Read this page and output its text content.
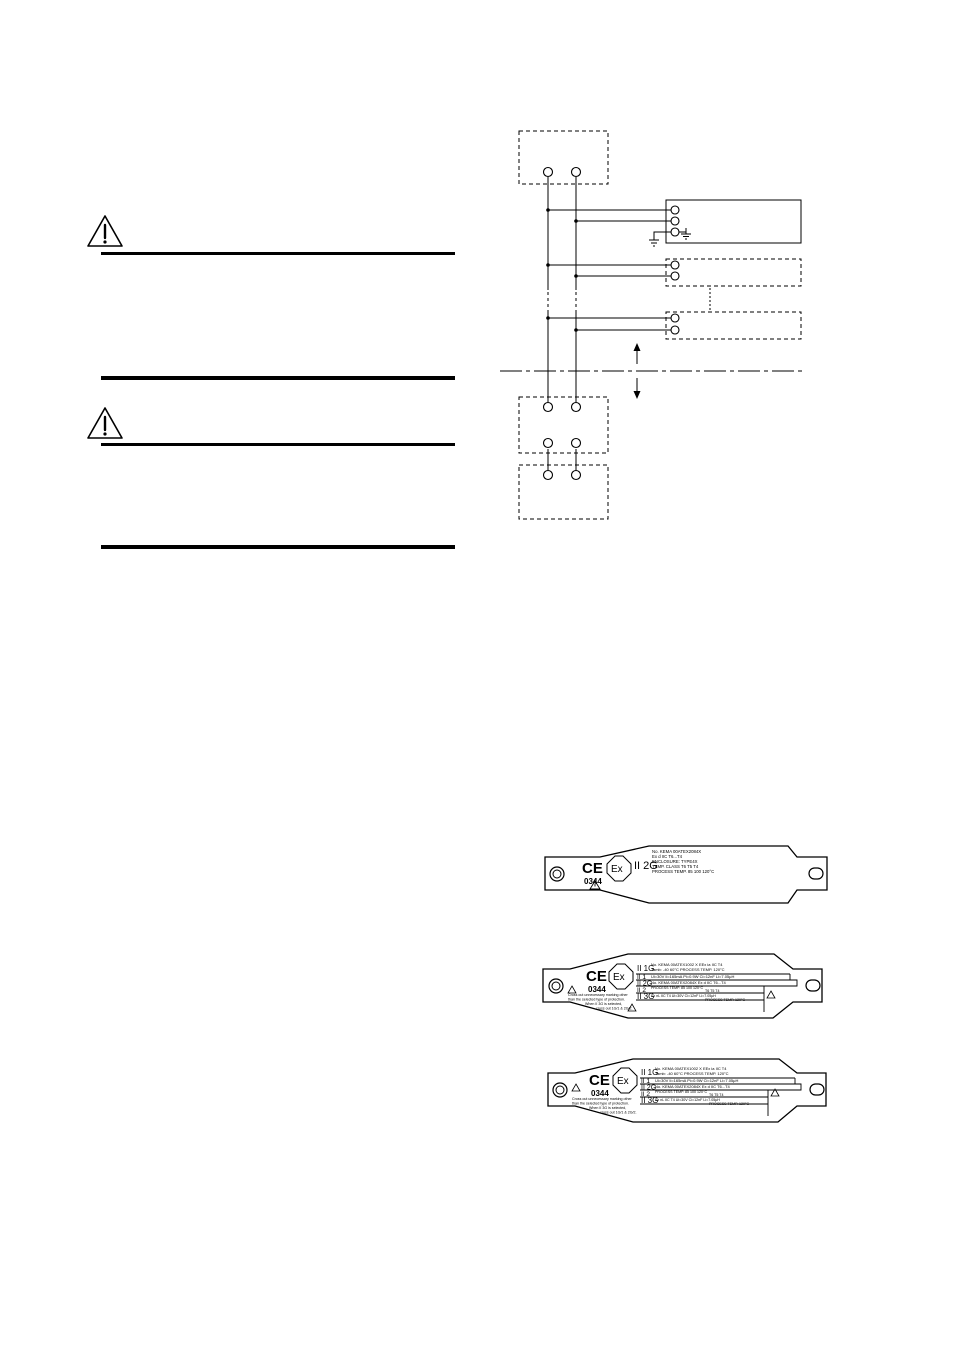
CE
0344
Ex II 2G
No. KEMA 00ATEX2084X
Ex d IIC T6...T4
ENCLOSURE: TYPE4X
TEMP. CLASS T6 T5 T4
PROCESS TEMP. 85 100 120°C
CE
0344
Ex
II 1G
No. KEMA 00ATEX1002 X EEx ia IIC T4
Tamb: -40 60°C PROCESS TEMP. 120°C
II 1 Ui=30V Ii=165mA Pi=0.9W Ci=12nF Li=7.05μH
II 2G
No. KEMA 00ATEX2084X Ex d IIC T6...T4
II 2 PROCESS TEMP. 85 100 120°C
T6 T5 T4
II 3G
Ex nL IIC T4 Ui=30V Ci=12nF Li=7.05μH
PROCESS TEMP. 120°C
Cross out unnecessary marking other
than the selected type of protection.
When II 3G is selected,
cross out 1G/1 & 2G/2.
CE
0344
Ex
II 1G
No. KEMA 00ATEX1002 X EEx ia IIC T4
Tamb: -40 60°C PROCESS TEMP. 120°C
II 1 Ui=30V Ii=165mA Pi=0.9W Ci=12nF Li=7.05μH
II 2G
No. KEMA 00ATEX2084X Ex d IIC T6...T4
II 2 PROCESS TEMP. 85 100 120°C
T6 T5 T4
II 3G
Ex nL IIC T4 Ui=30V Ci=12nF Li=7.05μH
PROCESS TEMP. 120°C
Cross out unnecessary marking other
than the selected type of protection.
When II 3G is selected,
cross out 1G/1 & 2G/2.
